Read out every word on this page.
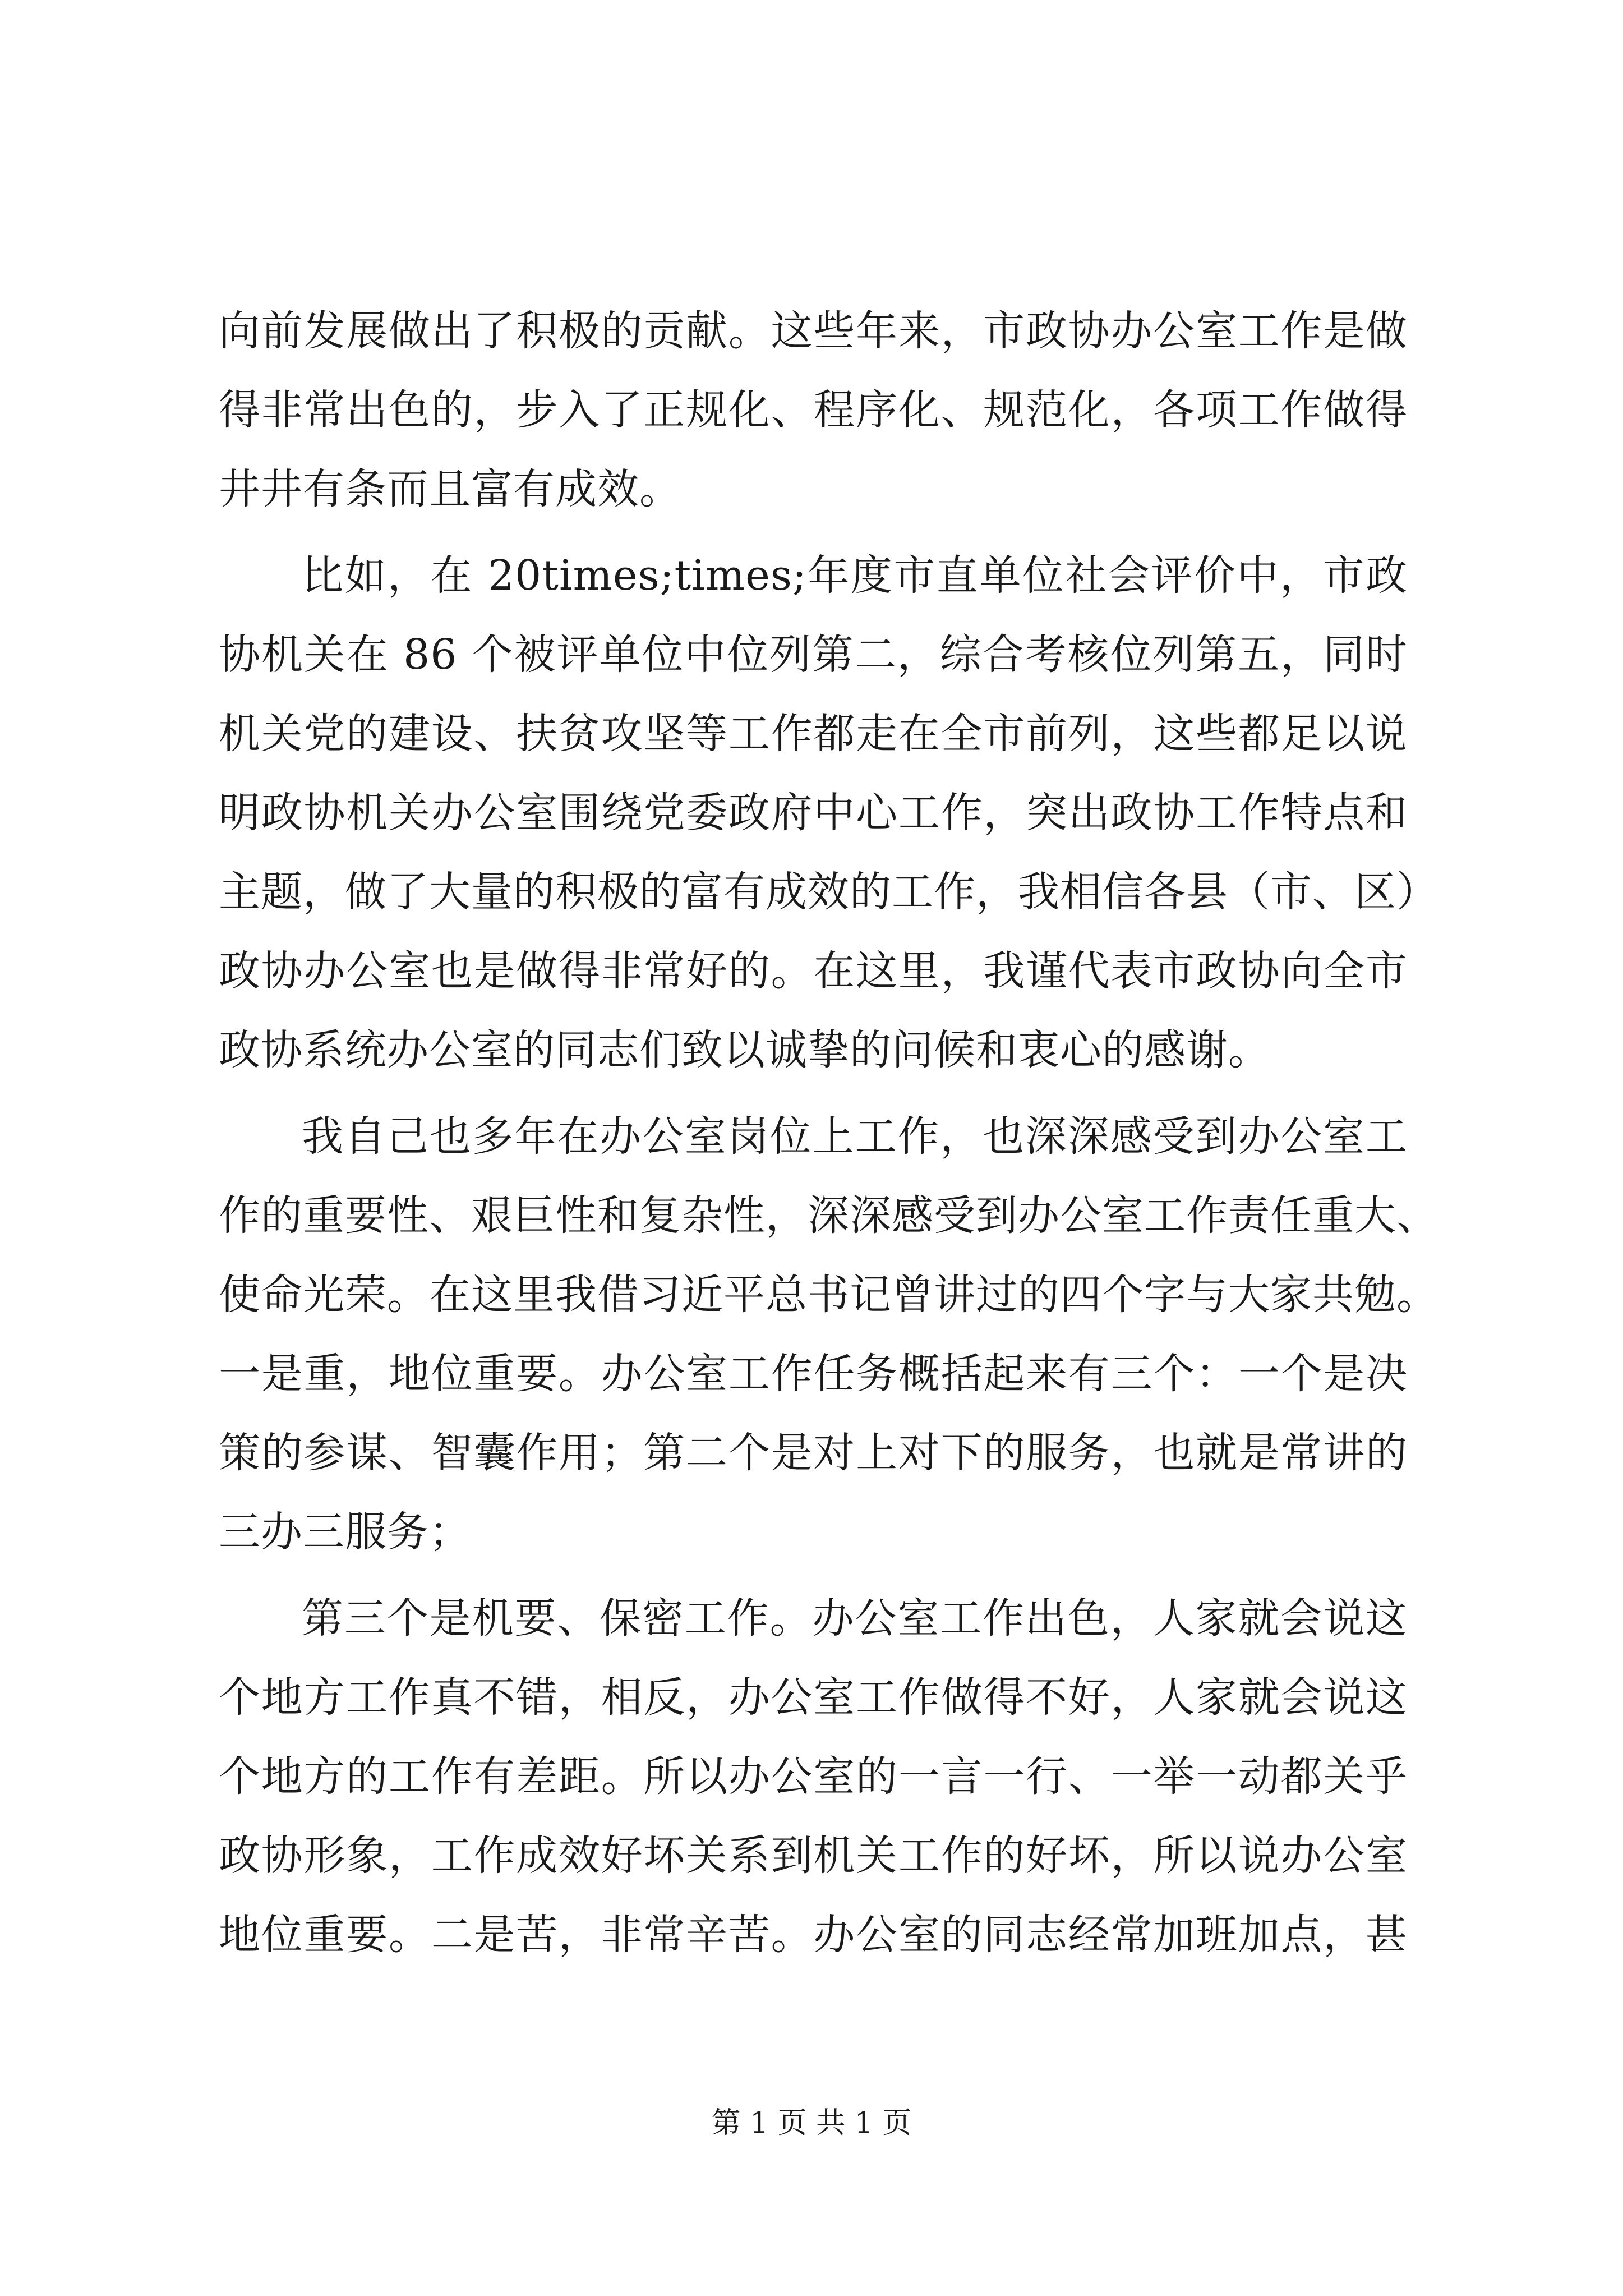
向前发展做出了积极的贡献。这些年来，市政协办公室工作是做
得非常出色的，步入了正规化、程序化、规范化，各项工作做得
井井有条而且富有成效。
比如，在 20times;times;年度市直单位社会评价中，市政
协机关在 86 个被评单位中位列第二，综合考核位列第五，同时
机关党的建设、扶贫攻坚等工作都走在全市前列，这些都足以说
明政协机关办公室围绕党委政府中心工作，突出政协工作特点和
主题，做了大量的积极的富有成效的工作，我相信各县（市、区）
政协办公室也是做得非常好的。在这里，我谨代表市政协向全市
政协系统办公室的同志们致以诚挚的问候和衷心的感谢。
我自己也多年在办公室岗位上工作，也深深感受到办公室工
作的重要性、艰巨性和复杂性，深深感受到办公室工作责任重大、
使命光荣。在这里我借习近平总书记曾讲过的四个字与大家共勉。
一是重，地位重要。办公室工作任务概括起来有三个：一个是决
策的参谋、智囊作用；第二个是对上对下的服务，也就是常讲的
三办三服务；
第三个是机要、保密工作。办公室工作出色，人家就会说这
个地方工作真不错，相反，办公室工作做得不好，人家就会说这
个地方的工作有差距。所以办公室的一言一行、一举一动都关乎
政协形象，工作成效好坏关系到机关工作的好坏，所以说办公室
地位重要。二是苦，非常辛苦。办公室的同志经常加班加点，甚
第 1 页 共 1 页
